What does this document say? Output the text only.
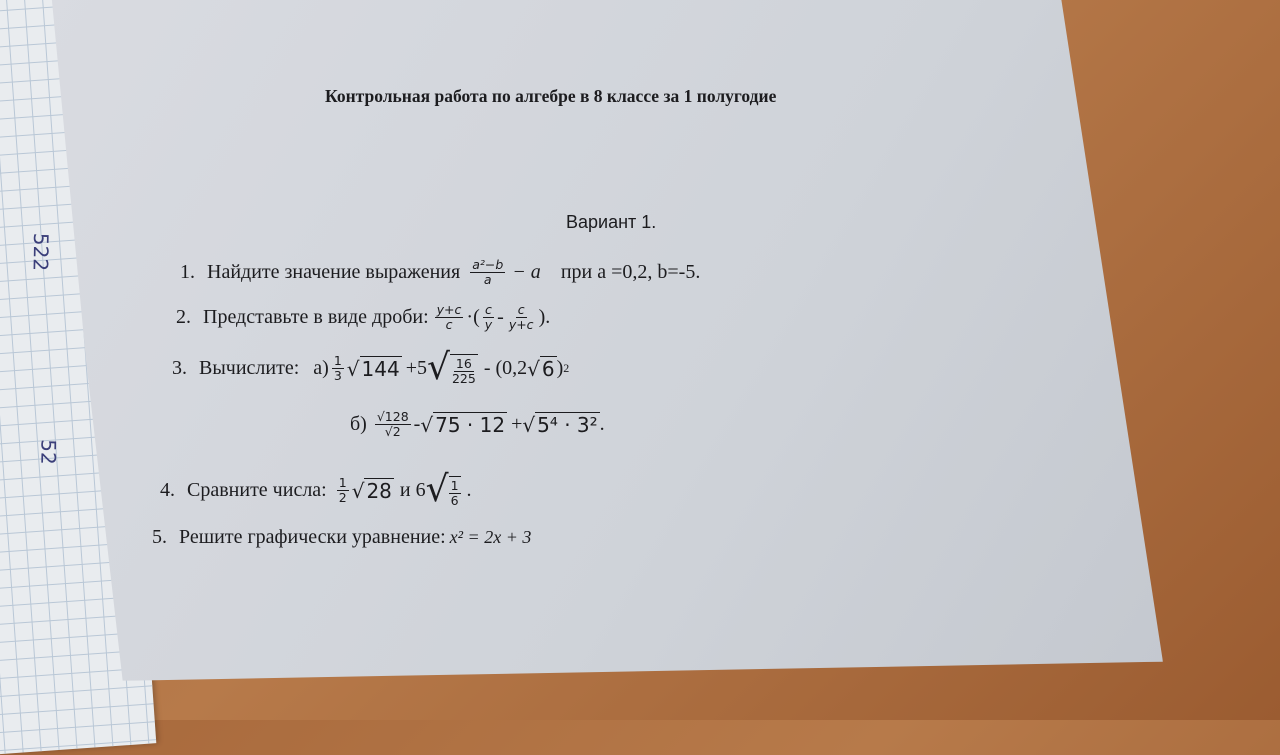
522
52
Контрольная работа по алгебре в 8 классе за 1 полугодие
Вариант 1.
1. Найдите значение выражения $\frac{\text{a²−b}}{a} - a$ при a =0,2, b=-5.
2. Представьте в виде дроби: $\frac{y+c}{c}$ ·( $\frac{c}{y} - \frac{c}{y+c}$ ).
3. Вычислите: $а) \frac{1}{3}$ √ 144 +5 √ $\frac{16}{225} - (0,2$ √ 6 ) 2
$б) \frac{√128}{√2}$ - √ 75 · 12 + √ 5⁴ · 3² .
4. Сравните числа: $\frac{1}{2}$ √ 28 и 6 √ $\frac{1}{6}$ .
5. Решите графически уравнение: x² = 2x + 3
